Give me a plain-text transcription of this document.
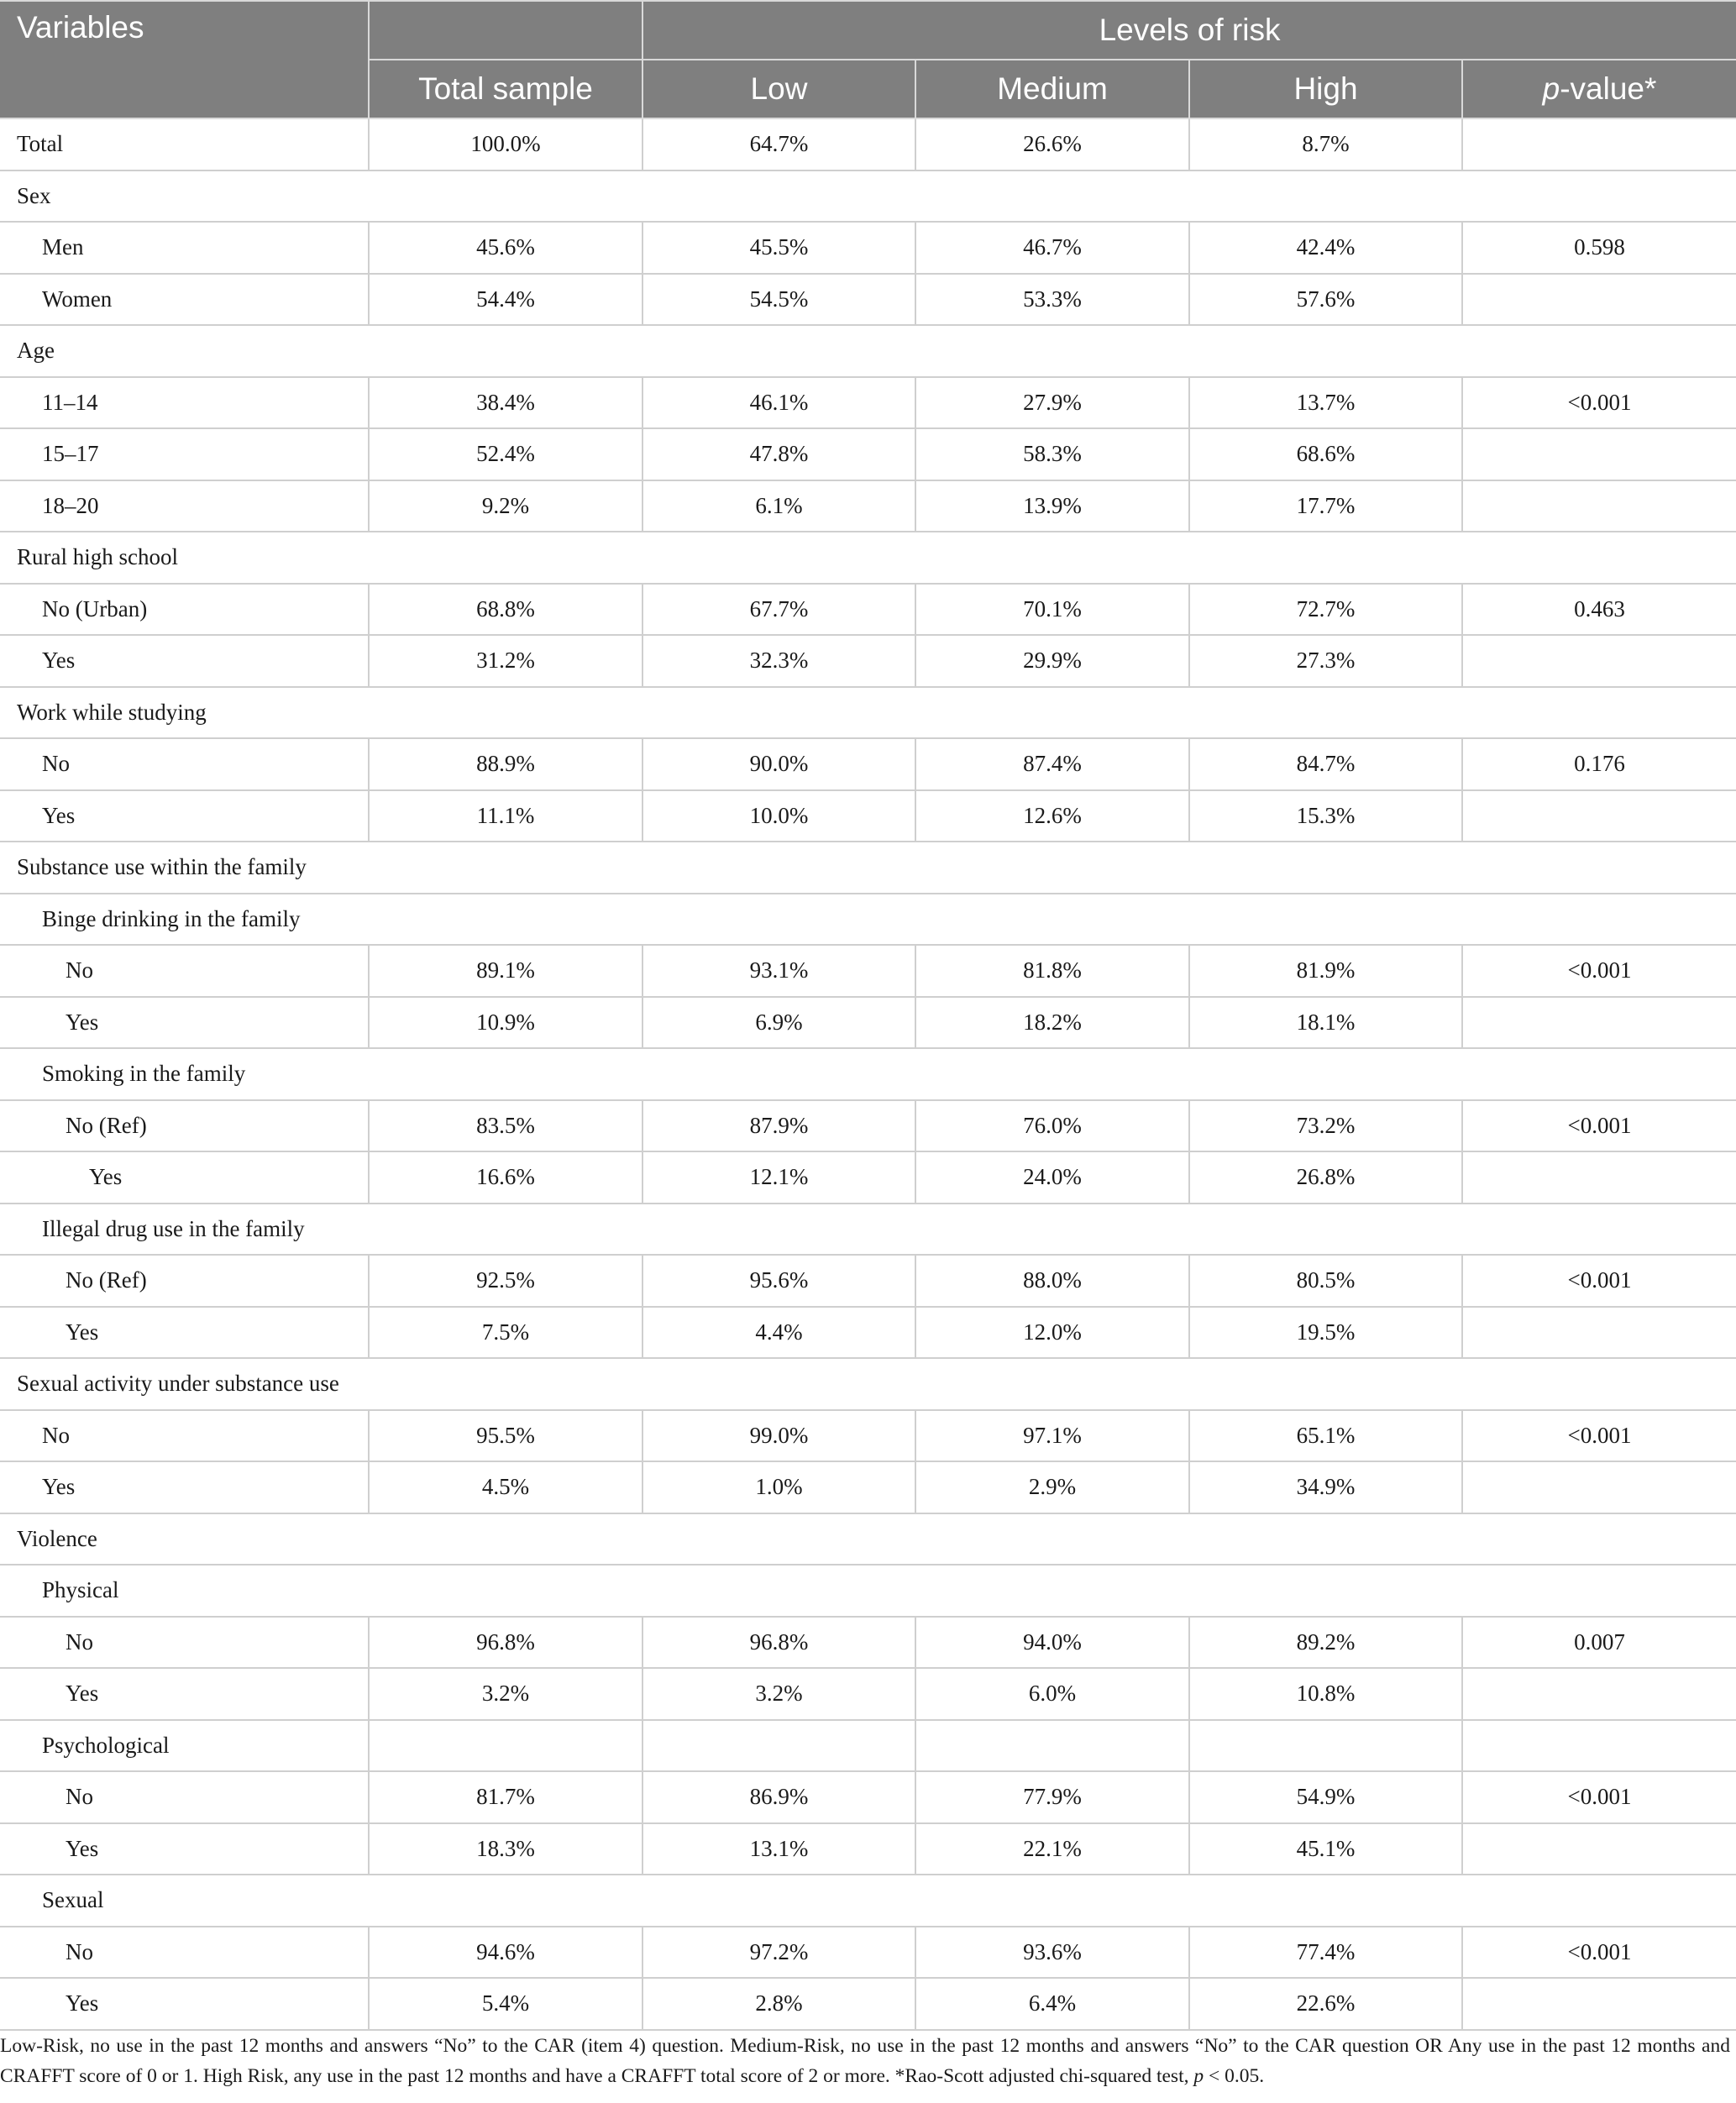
Variables		Levels of risk			
	Total sample	Low	Medium	High	p-value*
Total	100.0%	64.7%	26.6%	8.7%	
Sex					
Men	45.6%	45.5%	46.7%	42.4%	0.598
Women	54.4%	54.5%	53.3%	57.6%	
Age					
11–14	38.4%	46.1%	27.9%	13.7%	<0.001
15–17	52.4%	47.8%	58.3%	68.6%	
18–20	9.2%	6.1%	13.9%	17.7%	
Rural high school					
No (Urban)	68.8%	67.7%	70.1%	72.7%	0.463
Yes	31.2%	32.3%	29.9%	27.3%	
Work while studying					
No	88.9%	90.0%	87.4%	84.7%	0.176
Yes	11.1%	10.0%	12.6%	15.3%	
Substance use within the family					
Binge drinking in the family					
No	89.1%	93.1%	81.8%	81.9%	<0.001
Yes	10.9%	6.9%	18.2%	18.1%	
Smoking in the family					
No (Ref)	83.5%	87.9%	76.0%	73.2%	<0.001
Yes	16.6%	12.1%	24.0%	26.8%	
Illegal drug use in the family					
No (Ref)	92.5%	95.6%	88.0%	80.5%	<0.001
Yes	7.5%	4.4%	12.0%	19.5%	
Sexual activity under substance use					
No	95.5%	99.0%	97.1%	65.1%	<0.001
Yes	4.5%	1.0%	2.9%	34.9%	
Violence					
Physical					
No	96.8%	96.8%	94.0%	89.2%	0.007
Yes	3.2%	3.2%	6.0%	10.8%	
Psychological					
No	81.7%	86.9%	77.9%	54.9%	<0.001
Yes	18.3%	13.1%	22.1%	45.1%	
Sexual					
No	94.6%	97.2%	93.6%	77.4%	<0.001
Yes	5.4%	2.8%	6.4%	22.6%	
Low-Risk, no use in the past 12 months and answers “No” to the CAR (item 4) question. Medium-Risk, no use in the past 12 months and answers “No” to the CAR question OR Any use in the past 12 months and CRAFFT score of 0 or 1. High Risk, any use in the past 12 months and have a CRAFFT total score of 2 or more. *Rao-Scott adjusted chi-squared test, p < 0.05.
